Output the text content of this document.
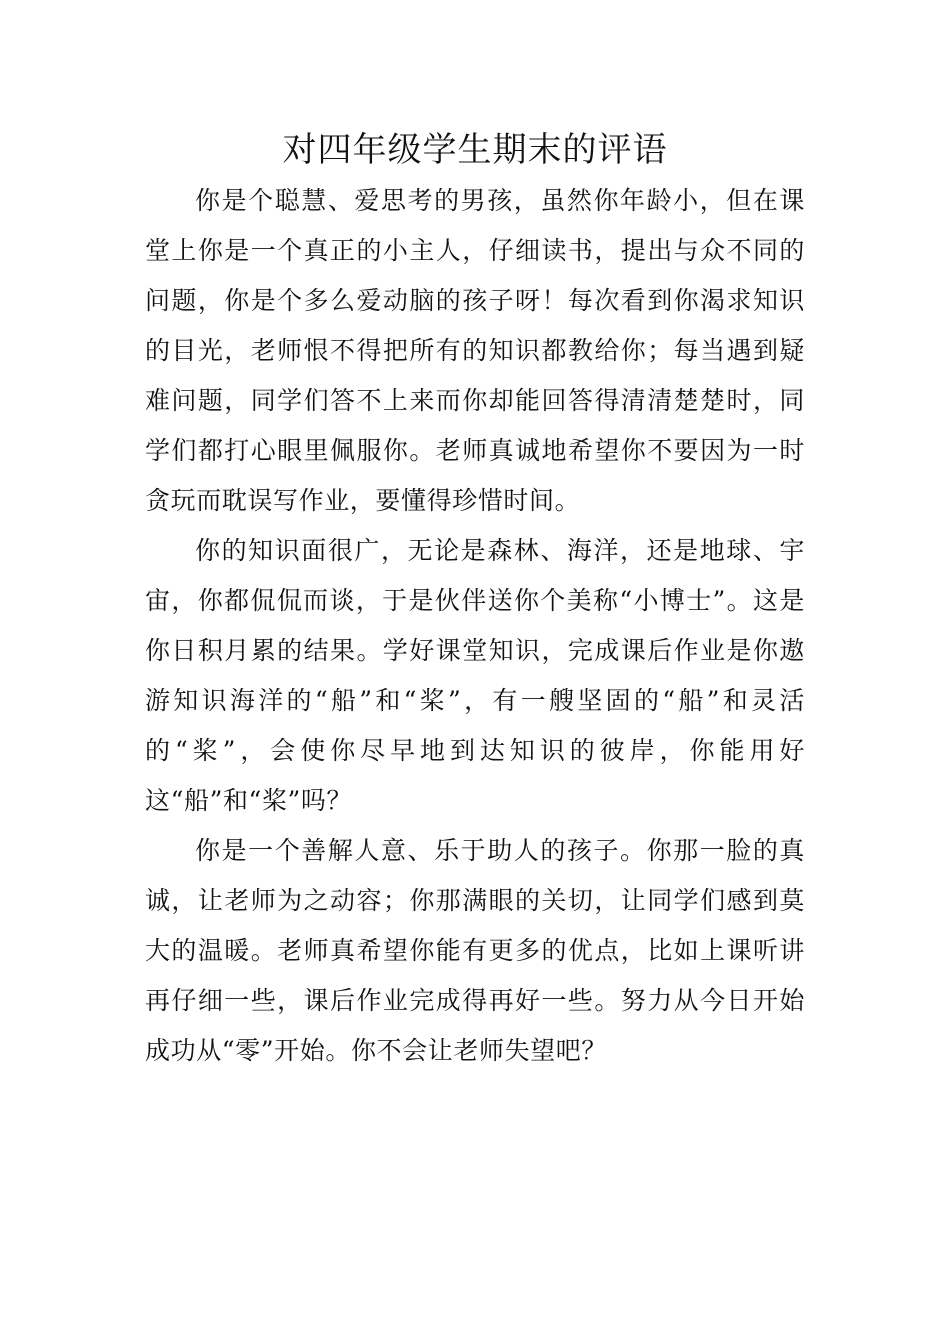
对四年级学生期末的评语

你是个聪慧、爱思考的男孩，虽然你年龄小，但在课堂上你是一个真正的小主人，仔细读书，提出与众不同的问题，你是个多么爱动脑的孩子呀！每次看到你渴求知识的目光，老师恨不得把所有的知识都教给你；每当遇到疑难问题，同学们答不上来而你却能回答得清清楚楚时，同学们都打心眼里佩服你。老师真诚地希望你不要因为一时贪玩而耽误写作业，要懂得珍惜时间。

你的知识面很广，无论是森林、海洋，还是地球、宇宙，你都侃侃而谈，于是伙伴送你个美称“小博士”。这是你日积月累的结果。学好课堂知识，完成课后作业是你遨游知识海洋的“船”和“桨”，有一艘坚固的“船”和灵活的“桨”，会使你尽早地到达知识的彼岸，你能用好这“船”和“桨”吗？

你是一个善解人意、乐于助人的孩子。你那一脸的真诚，让老师为之动容；你那满眼的关切，让同学们感到莫大的温暖。老师真希望你能有更多的优点，比如上课听讲再仔细一些，课后作业完成得再好一些。努力从今日开始成功从“零”开始。你不会让老师失望吧？
